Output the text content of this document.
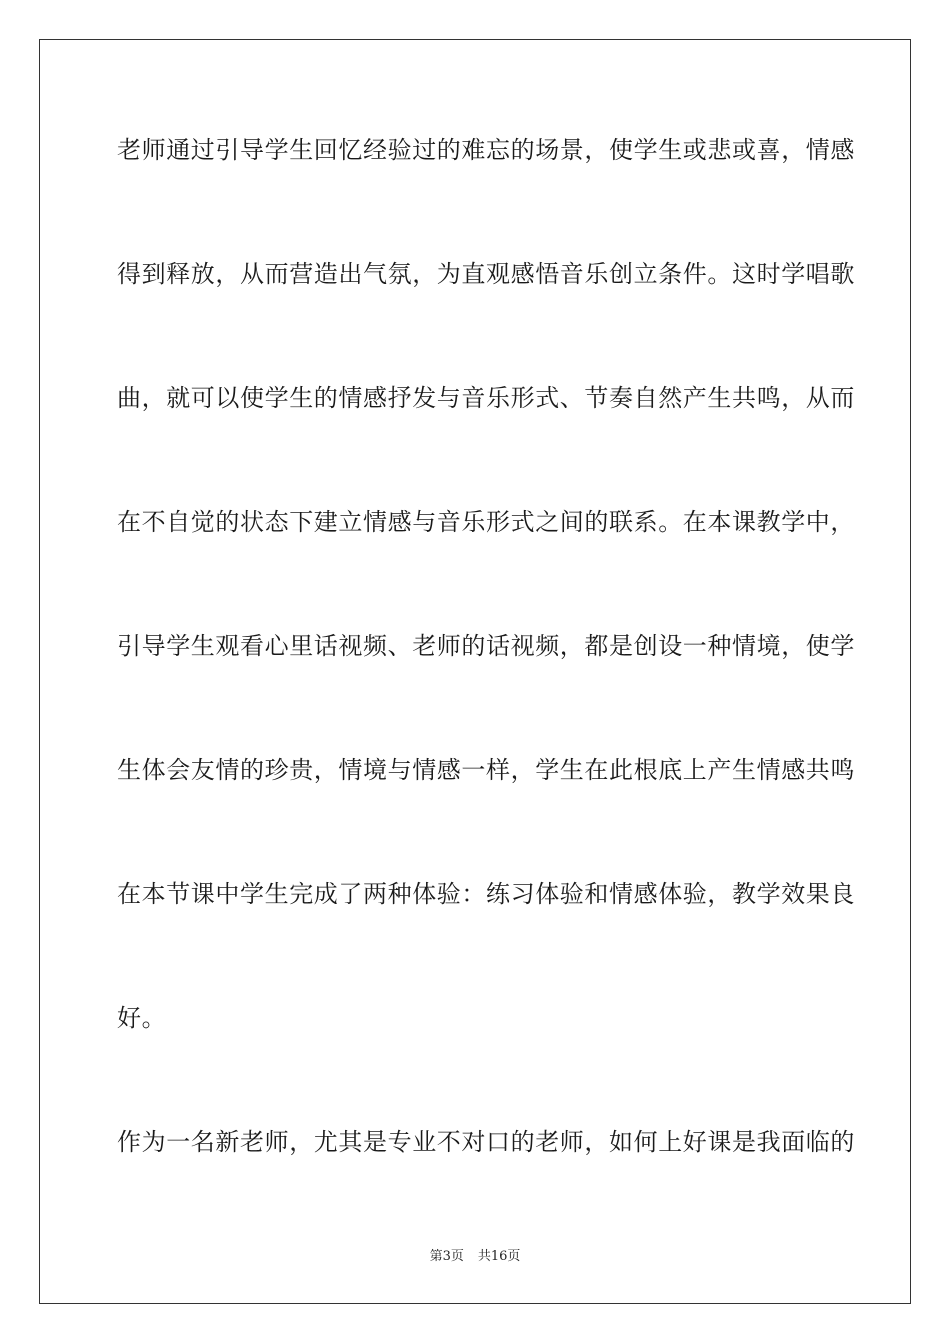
老师通过引导学生回忆经验过的难忘的场景，使学生或悲或喜，情感
得到释放，从而营造出气氛，为直观感悟音乐创立条件。这时学唱歌
曲，就可以使学生的情感抒发与音乐形式、节奏自然产生共鸣，从而
在不自觉的状态下建立情感与音乐形式之间的联系。在本课教学中，
引导学生观看心里话视频、老师的话视频，都是创设一种情境，使学
生体会友情的珍贵，情境与情感一样，学生在此根底上产生情感共鸣
在本节课中学生完成了两种体验：练习体验和情感体验，教学效果良
好。
作为一名新老师，尤其是专业不对口的老师，如何上好课是我面临的
第3页 共16页
